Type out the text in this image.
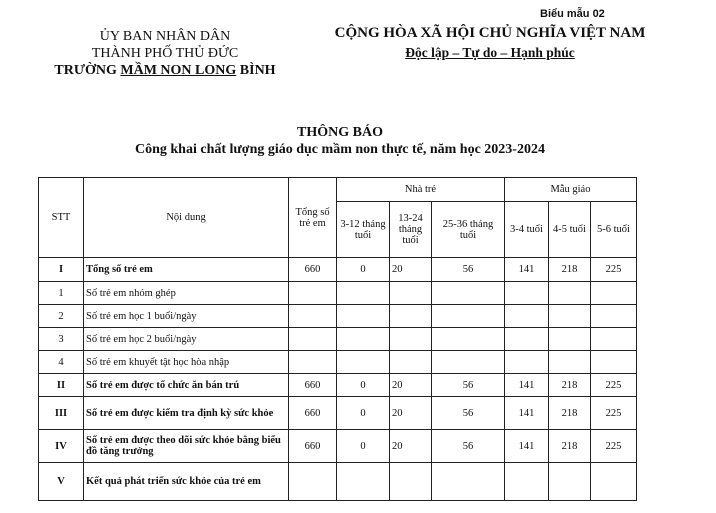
Biểu mẫu 02
ỦY BAN NHÂN DÂN
THÀNH PHỐ THỦ ĐỨC
TRƯỜNG MẦM NON LONG BÌNH
CỘNG HÒA XÃ HỘI CHỦ NGHĨA VIỆT NAM
Độc lập – Tự do – Hạnh phúc
THÔNG BÁO
Công khai chất lượng giáo dục mầm non thực tế, năm học 2023-2024
STT	Nội dung	Tổng số trẻ em	Nhà trẻ			Mẫu giáo		
			3-12 tháng tuổi	13-24 tháng tuổi	25-36 tháng tuổi	3-4 tuổi	4-5 tuổi	5-6 tuổi
I	Tổng số trẻ em	660	0	20	56	141	218	225
1	Số trẻ em nhóm ghép							
2	Số trẻ em học 1 buổi/ngày							
3	Số trẻ em học 2 buổi/ngày							
4	Số trẻ em khuyết tật học hòa nhập							
II	Số trẻ em được tổ chức ăn bán trú	660	0	20	56	141	218	225
III	Số trẻ em được kiểm tra định kỳ sức khỏe	660	0	20	56	141	218	225
IV	Số trẻ em được theo dõi sức khỏe bằng biểu đồ tăng trưởng	660	0	20	56	141	218	225
V	Kết quả phát triển sức khỏe của trẻ em							
